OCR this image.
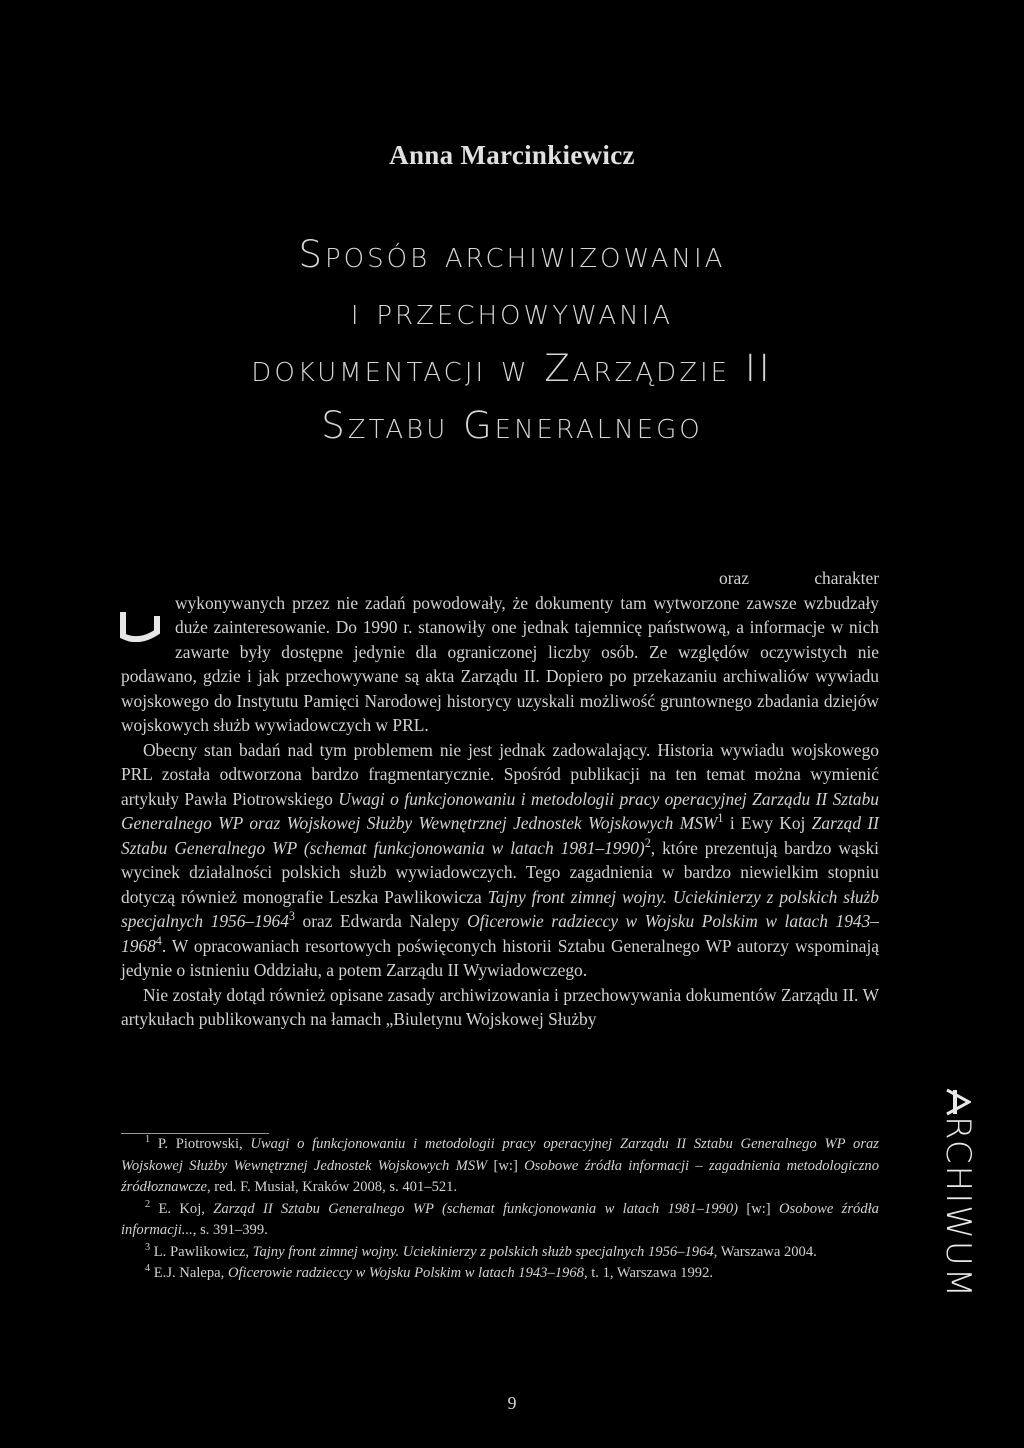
Anna Marcinkiewicz
Sposób archiwizowania
i przechowywania
dokumentacji w Zarządzie II
Sztabu Generalnego

oraz charakter wykonywanych przez nie zadań powodowały, że dokumenty tam wytworzone zawsze wzbudzały duże zainteresowanie. Do 1990 r. stanowiły one jednak tajemnicę państwową, a informacje w nich zawarte były dostępne jedynie dla ograniczonej liczby osób. Ze względów oczywistych nie podawano, gdzie i jak przechowywane są akta Zarządu II. Dopiero po przekazaniu archiwaliów wywiadu wojskowego do Instytutu Pamięci Narodowej historycy uzyskali możliwość gruntownego zbadania dziejów wojskowych służb wywiadowczych w PRL.

Obecny stan badań nad tym problemem nie jest jednak zadowalający. Historia wywiadu wojskowego PRL została odtworzona bardzo fragmentarycznie. Spośród publikacji na ten temat można wymienić artykuły Pawła Piotrowskiego Uwagi o funkcjonowaniu i metodologii pracy operacyjnej Zarządu II Sztabu Generalnego WP oraz Wojskowej Służby Wewnętrznej Jednostek Wojskowych MSW$^1$ i Ewy Koj Zarząd II Sztabu Generalnego WP (schemat funkcjonowania w latach 1981–1990)$^2$, które prezentują bardzo wąski wycinek działalności polskich służb wywiadowczych. Tego zagadnienia w bardzo niewielkim stopniu dotyczą również monografie Leszka Pawlikowicza Tajny front zimnej wojny. Uciekinierzy z polskich służb specjalnych 1956–1964$^3$ oraz Edwarda Nalepy Oficerowie radzieccy w Wojsku Polskim w latach 1943–1968$^4$. W opracowaniach resortowych poświęconych historii Sztabu Generalnego WP autorzy wspominają jedynie o istnieniu Oddziału, a potem Zarządu II Wywiadowczego.

Nie zostały dotąd również opisane zasady archiwizowania i przechowywania dokumentów Zarządu II. W artykułach publikowanych na łamach „Biuletynu Wojskowej Służby

$^1$ P. Piotrowski, Uwagi o funkcjonowaniu i metodologii pracy operacyjnej Zarządu II Sztabu Generalnego WP oraz Wojskowej Służby Wewnętrznej Jednostek Wojskowych MSW [w:] Osobowe źródła informacji – zagadnienia metodologiczno źródłoznawcze, red. F. Musiał, Kraków 2008, s. 401–521.

$^2$ E. Koj, Zarząd II Sztabu Generalnego WP (schemat funkcjonowania w latach 1981–1990) [w:] Osobowe źródła informacji..., s. 391–399.

$^3$ L. Pawlikowicz, Tajny front zimnej wojny. Uciekinierzy z polskich służb specjalnych 1956–1964, Warszawa 2004.

$^4$ E.J. Nalepa, Oficerowie radzieccy w Wojsku Polskim w latach 1943–1968, t. 1, Warszawa 1992.	RCHIWUM
9
